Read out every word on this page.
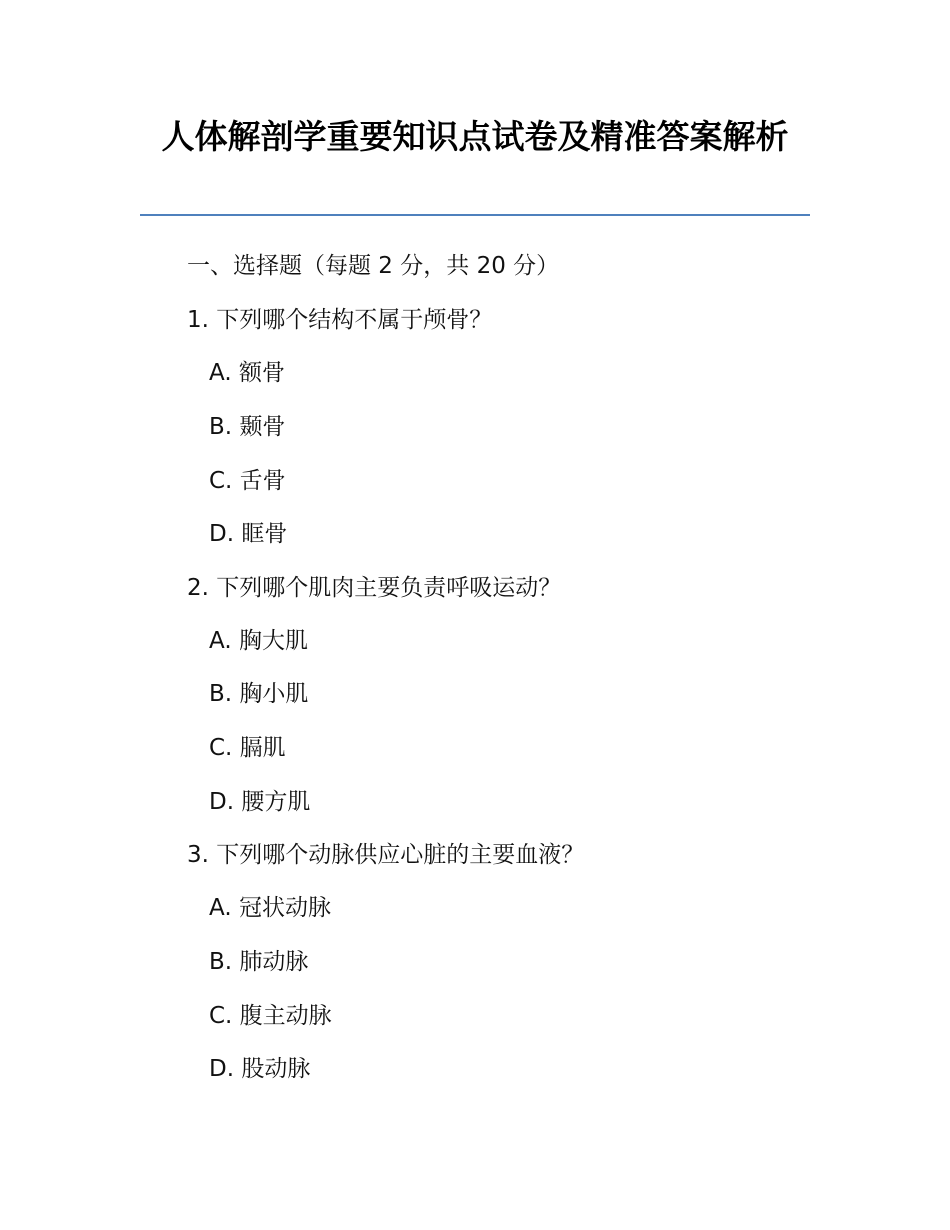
人体解剖学重要知识点试卷及精准答案解析
一、选择题（每题 2 分，共 20 分）
1. 下列哪个结构不属于颅骨？
A. 额骨
B. 颞骨
C. 舌骨
D. 眶骨
2. 下列哪个肌肉主要负责呼吸运动？
A. 胸大肌
B. 胸小肌
C. 膈肌
D. 腰方肌
3. 下列哪个动脉供应心脏的主要血液？
A. 冠状动脉
B. 肺动脉
C. 腹主动脉
D. 股动脉
